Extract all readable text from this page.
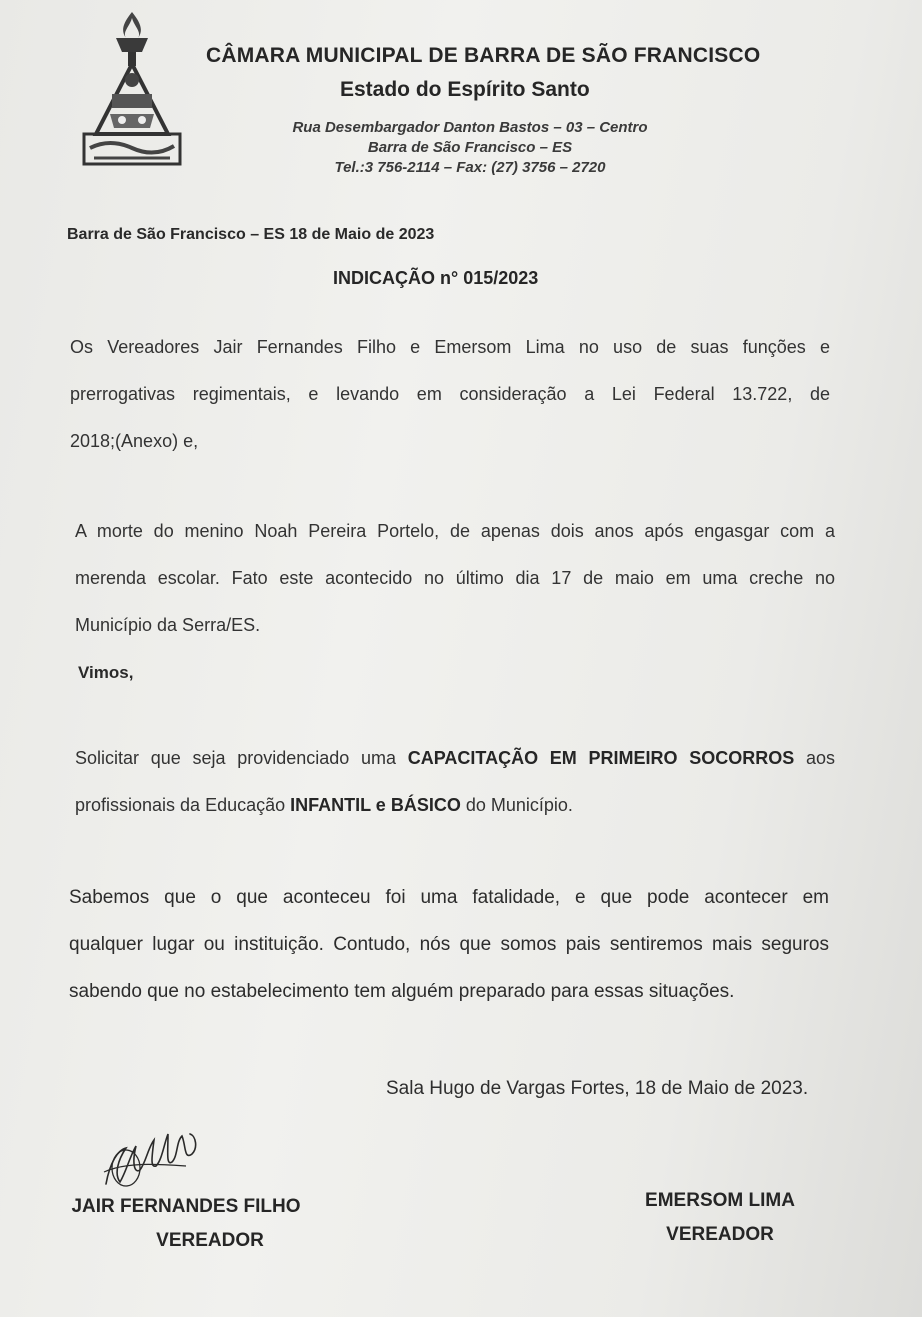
CÂMARA MUNICIPAL DE BARRA DE SÃO FRANCISCO
Estado do Espírito Santo
Rua Desembargador Danton Bastos – 03 – Centro
Barra de São Francisco – ES
Tel.:3 756-2114 – Fax: (27) 3756 – 2720
Barra de São Francisco – ES 18 de Maio de 2023
INDICAÇÃO n° 015/2023
Os Vereadores Jair Fernandes Filho e Emersom Lima no uso de suas funções e
prerrogativas regimentais, e levando em consideração a Lei Federal 13.722, de
2018;(Anexo) e,
A morte do menino Noah Pereira Portelo, de apenas dois anos após engasgar com a
merenda escolar. Fato este acontecido no último dia 17 de maio em uma creche no
Município da Serra/ES.
Vimos,
Solicitar que seja providenciado uma CAPACITAÇÃO EM PRIMEIRO SOCORROS aos
profissionais da Educação INFANTIL e BÁSICO do Município.
Sabemos que o que aconteceu foi uma fatalidade, e que pode acontecer em
qualquer lugar ou instituição. Contudo, nós que somos pais sentiremos mais seguros
sabendo que no estabelecimento tem alguém preparado para essas situações.
Sala Hugo de Vargas Fortes, 18 de Maio de 2023.
JAIR FERNANDES FILHO
VEREADOR
EMERSOM LIMA
VEREADOR
